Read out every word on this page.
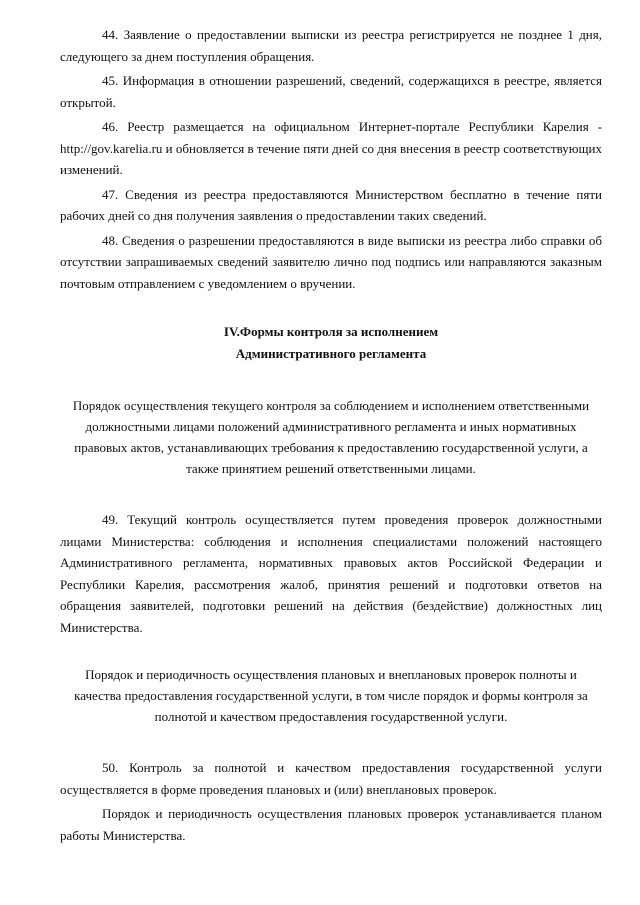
44. Заявление о предоставлении выписки из реестра регистрируется не позднее 1 дня, следующего за днем поступления обращения.

45. Информация в отношении разрешений, сведений, содержащихся в реестре, является открытой.

46. Реестр размещается на официальном Интернет-портале Республики Карелия - http://gov.karelia.ru и обновляется в течение пяти дней со дня внесения в реестр соответствующих изменений.

47. Сведения из реестра предоставляются Министерством бесплатно в течение пяти рабочих дней со дня получения заявления о предоставлении таких сведений.

48. Сведения о разрешении предоставляются в виде выписки из реестра либо справки об отсутствии запрашиваемых сведений заявителю лично под подпись или направляются заказным почтовым отправлением с уведомлением о вручении.

IV.Формы контроля за исполнением

Административного регламента

Порядок осуществления текущего контроля за соблюдением и исполнением ответственными должностными лицами положений административного регламента и иных нормативных правовых актов, устанавливающих требования к предоставлению государственной услуги, а также принятием решений ответственными лицами.

49. Текущий контроль осуществляется путем проведения проверок должностными лицами Министерства: соблюдения и исполнения специалистами положений настоящего Административного регламента, нормативных правовых актов Российской Федерации и Республики Карелия, рассмотрения жалоб, принятия решений и подготовки ответов на обращения заявителей, подготовки решений на действия (бездействие) должностных лиц Министерства.

Порядок и периодичность осуществления плановых и внеплановых проверок полноты и качества предоставления государственной услуги, в том числе порядок и формы контроля за полнотой и качеством предоставления государственной услуги.

50. Контроль за полнотой и качеством предоставления государственной услуги осуществляется в форме проведения плановых и (или) внеплановых проверок.

Порядок и периодичность осуществления плановых проверок устанавливается планом работы Министерства.
